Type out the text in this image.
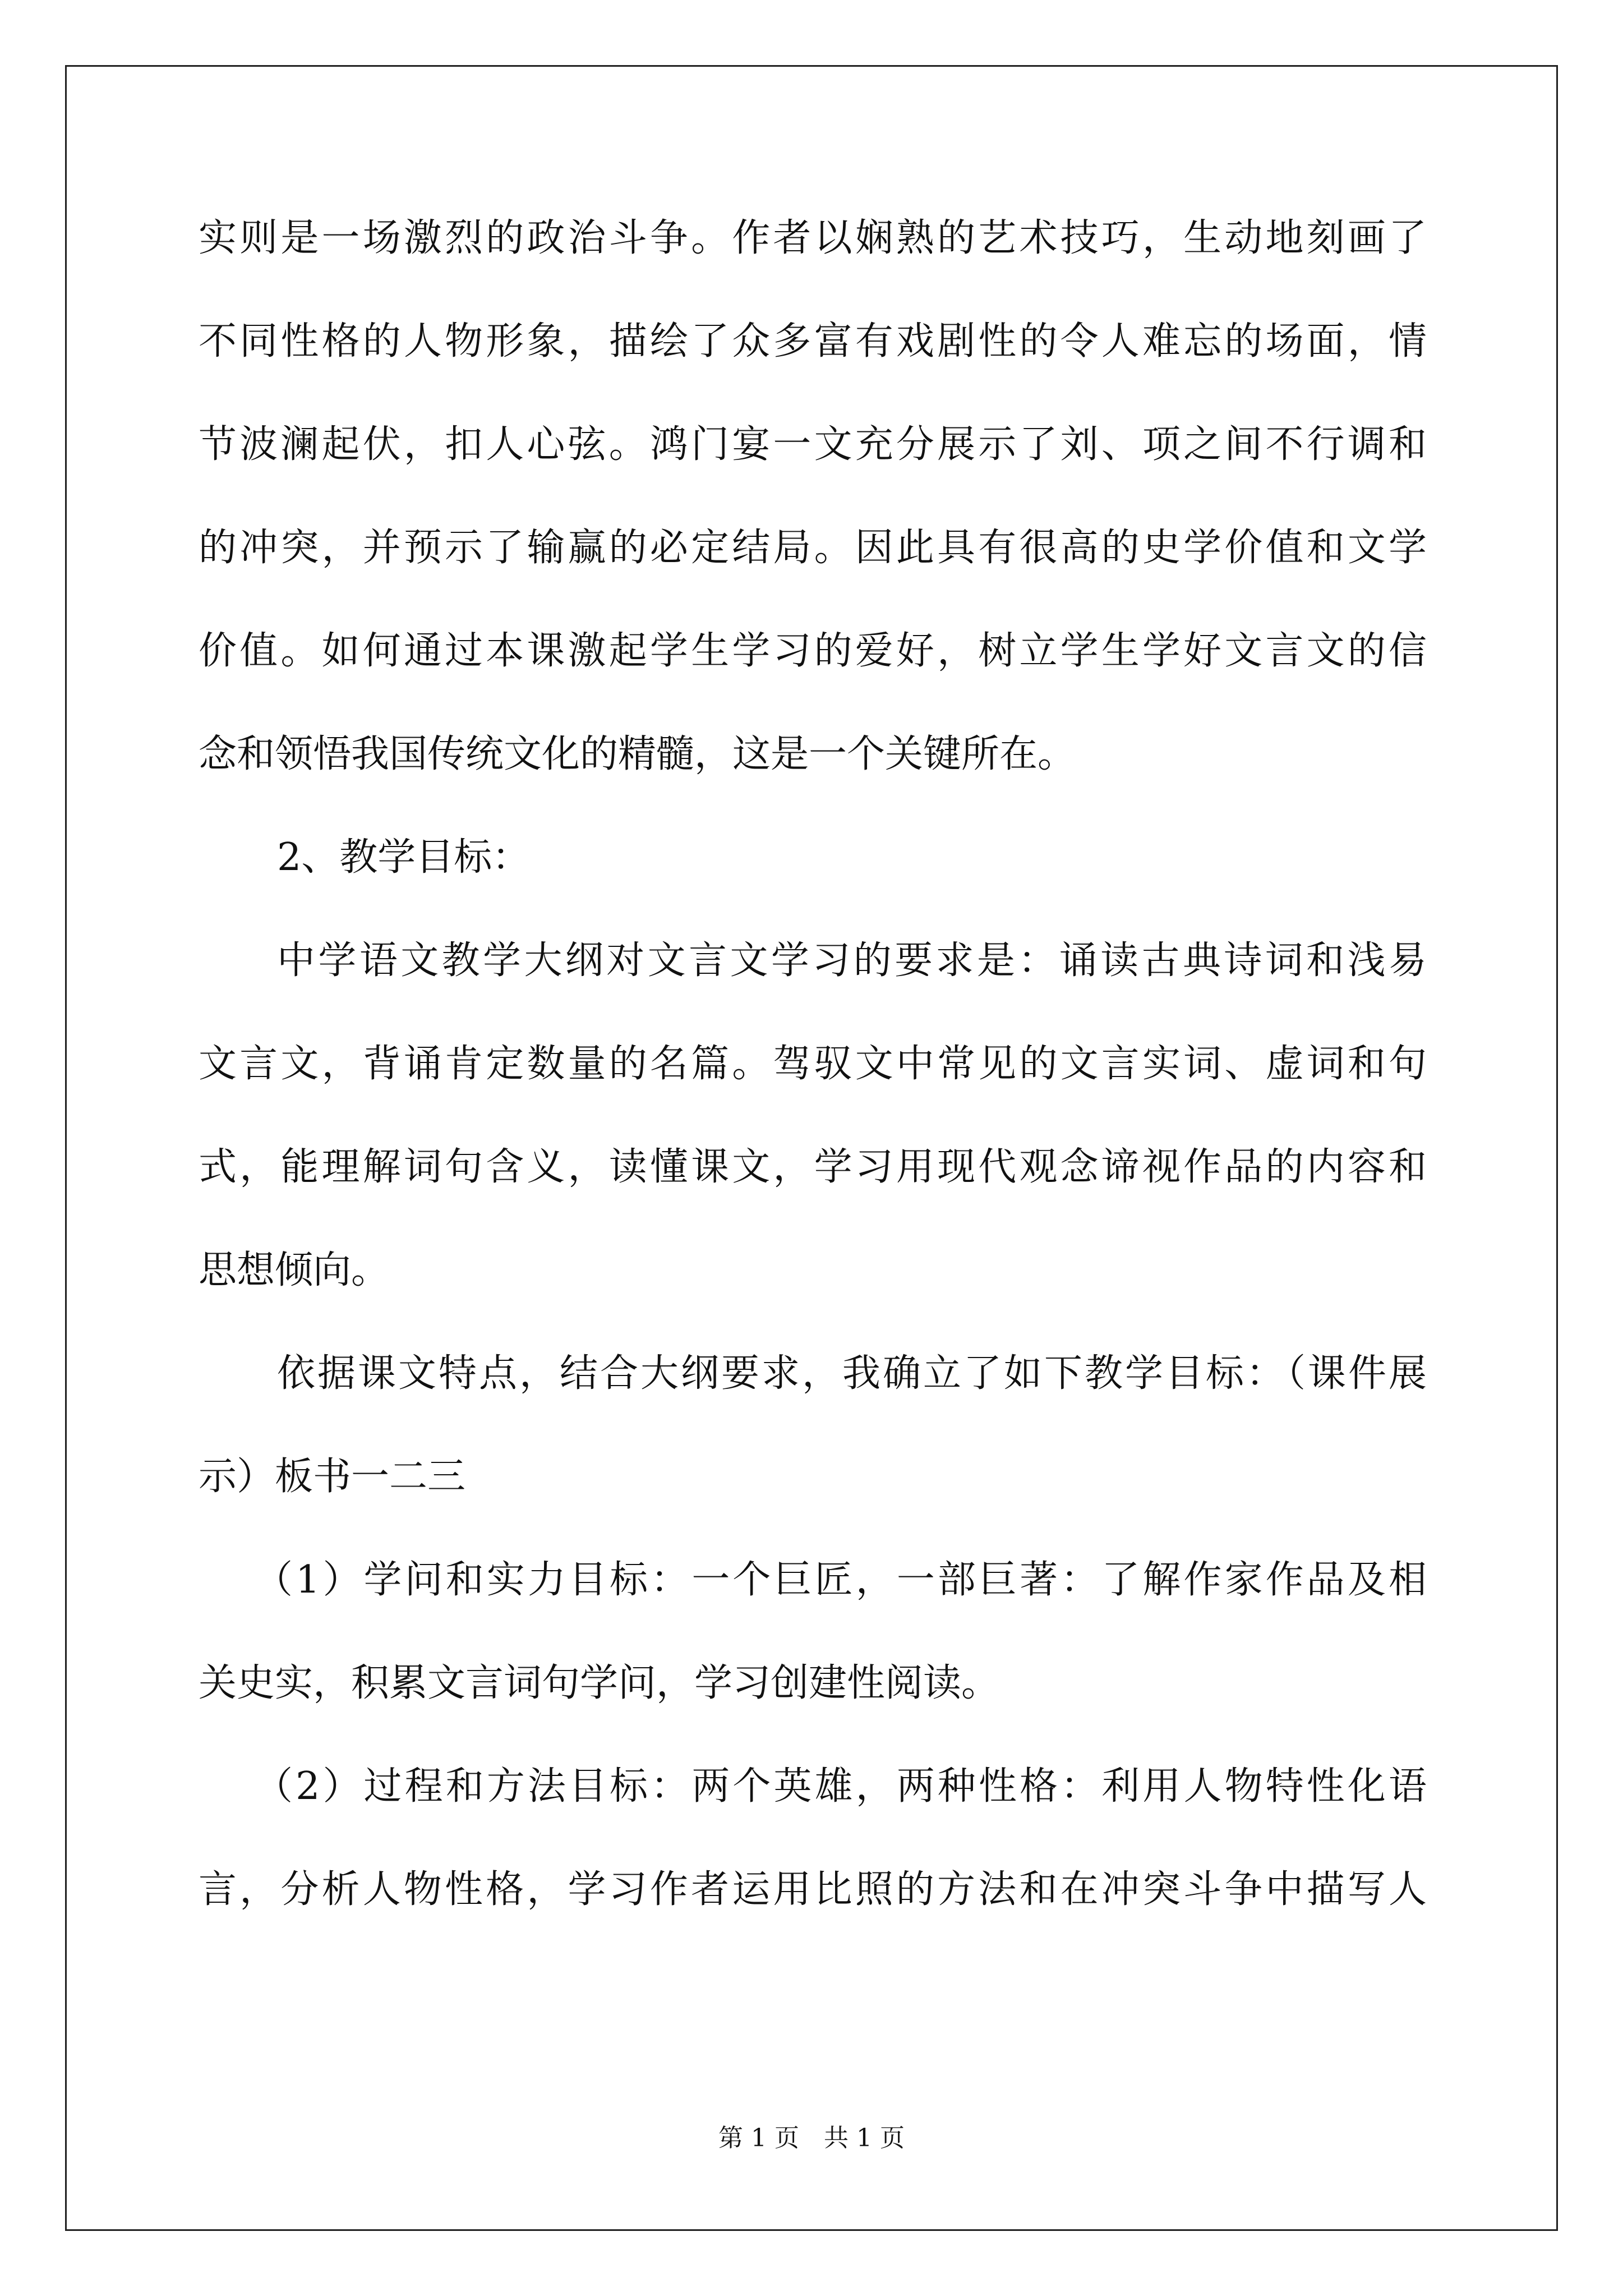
实则是一场激烈的政治斗争。作者以娴熟的艺术技巧，生动地刻画了
不同性格的人物形象，描绘了众多富有戏剧性的令人难忘的场面，情
节波澜起伏，扣人心弦。鸿门宴一文充分展示了刘、项之间不行调和
的冲突，并预示了输赢的必定结局。因此具有很高的史学价值和文学
价值。如何通过本课激起学生学习的爱好，树立学生学好文言文的信
念和领悟我国传统文化的精髓，这是一个关键所在。
2、教学目标：
中学语文教学大纲对文言文学习的要求是：诵读古典诗词和浅易
文言文，背诵肯定数量的名篇。驾驭文中常见的文言实词、虚词和句
式，能理解词句含义，读懂课文，学习用现代观念谛视作品的内容和
思想倾向。
依据课文特点，结合大纲要求，我确立了如下教学目标：（课件展
示）板书一二三
（1）学问和实力目标：一个巨匠，一部巨著：了解作家作品及相
关史实，积累文言词句学问，学习创建性阅读。
（2）过程和方法目标：两个英雄，两种性格：利用人物特性化语
言，分析人物性格，学习作者运用比照的方法和在冲突斗争中描写人
第 1 页　共 1 页
